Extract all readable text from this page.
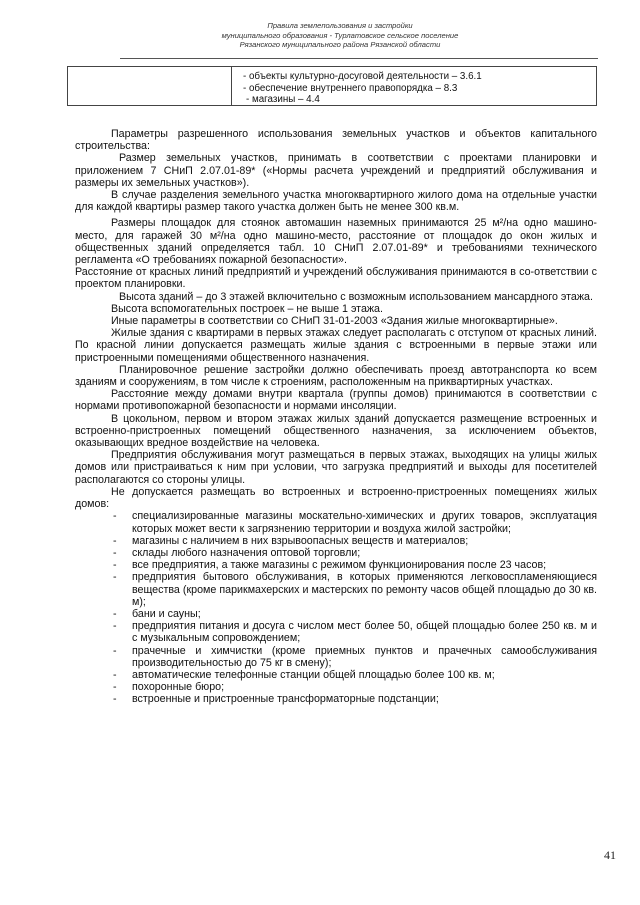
Правила землепользования и застройки
муниципального образования - Турлатовское сельское поселение
Рязанского муниципального района Рязанской области
- объекты культурно-досуговой деятельности – 3.6.1
- обеспечение внутреннего правопорядка – 8.3
- магазины – 4.4

Параметры разрешенного использования земельных участков и объектов капитального строительства:

Размер земельных участков, принимать в соответствии с проектами планировки и приложением 7 СНиП 2.07.01-89* («Нормы расчета учреждений и предприятий обслуживания и размеры их земельных участков»).

В случае разделения земельного участка многоквартирного жилого дома на отдельные участки для каждой квартиры размер такого участка должен быть не менее 300 кв.м.

Размеры площадок для стоянок автомашин наземных принимаются 25 м²/на одно машино-место, для гаражей 30 м²/на одно машино-место, расстояние от площадок до окон жилых и общественных зданий определяется табл. 10 СНиП 2.07.01-89* и требованиями технического регламента «О требованиях пожарной безопасности».

Расстояние от красных линий предприятий и учреждений обслуживания принимаются в со-ответствии с проектом планировки.

Высота зданий – до 3 этажей включительно с возможным использованием мансардного этажа.

Высота вспомогательных построек – не выше 1 этажа.

Иные параметры в соответствии со СНиП 31-01-2003 «Здания жилые многоквартирные».

Жилые здания с квартирами в первых этажах следует располагать с отступом от красных линий. По красной линии допускается размещать жилые здания с встроенными в первые этажи или пристроенными помещениями общественного назначения.

Планировочное решение застройки должно обеспечивать проезд автотранспорта ко всем зданиям и сооружениям, в том числе к строениям, расположенным на приквартирных участках.

Расстояние между домами внутри квартала (группы домов) принимаются в соответствии с нормами противопожарной безопасности и нормами инсоляции.

В цокольном, первом и втором этажах жилых зданий допускается размещение встроенных и встроенно-пристроенных помещений общественного назначения, за исключением объектов, оказывающих вредное воздействие на человека.

Предприятия обслуживания могут размещаться в первых этажах, выходящих на улицы жилых домов или пристраиваться к ним при условии, что загрузка предприятий и выходы для посетителей располагаются со стороны улицы.

Не допускается размещать во встроенных и встроенно-пристроенных помещениях жилых домов:

- специализированные магазины москательно-химических и других товаров, эксплуатация которых может вести к загрязнению территории и воздуха жилой застройки;
- магазины с наличием в них взрывоопасных веществ и материалов;
- склады любого назначения оптовой торговли;
- все предприятия, а также магазины с режимом функционирования после 23 часов;
- предприятия бытового обслуживания, в которых применяются легковоспламеняющиеся вещества (кроме парикмахерских и мастерских по ремонту часов общей площадью до 30 кв. м);
- бани и сауны;
- предприятия питания и досуга с числом мест более 50, общей площадью более 250 кв. м и с музыкальным сопровождением;
- прачечные и химчистки (кроме приемных пунктов и прачечных самообслуживания производительностью до 75 кг в смену);
- автоматические телефонные станции общей площадью более 100 кв. м;
- похоронные бюро;
- встроенные и пристроенные трансформаторные подстанции;
41
